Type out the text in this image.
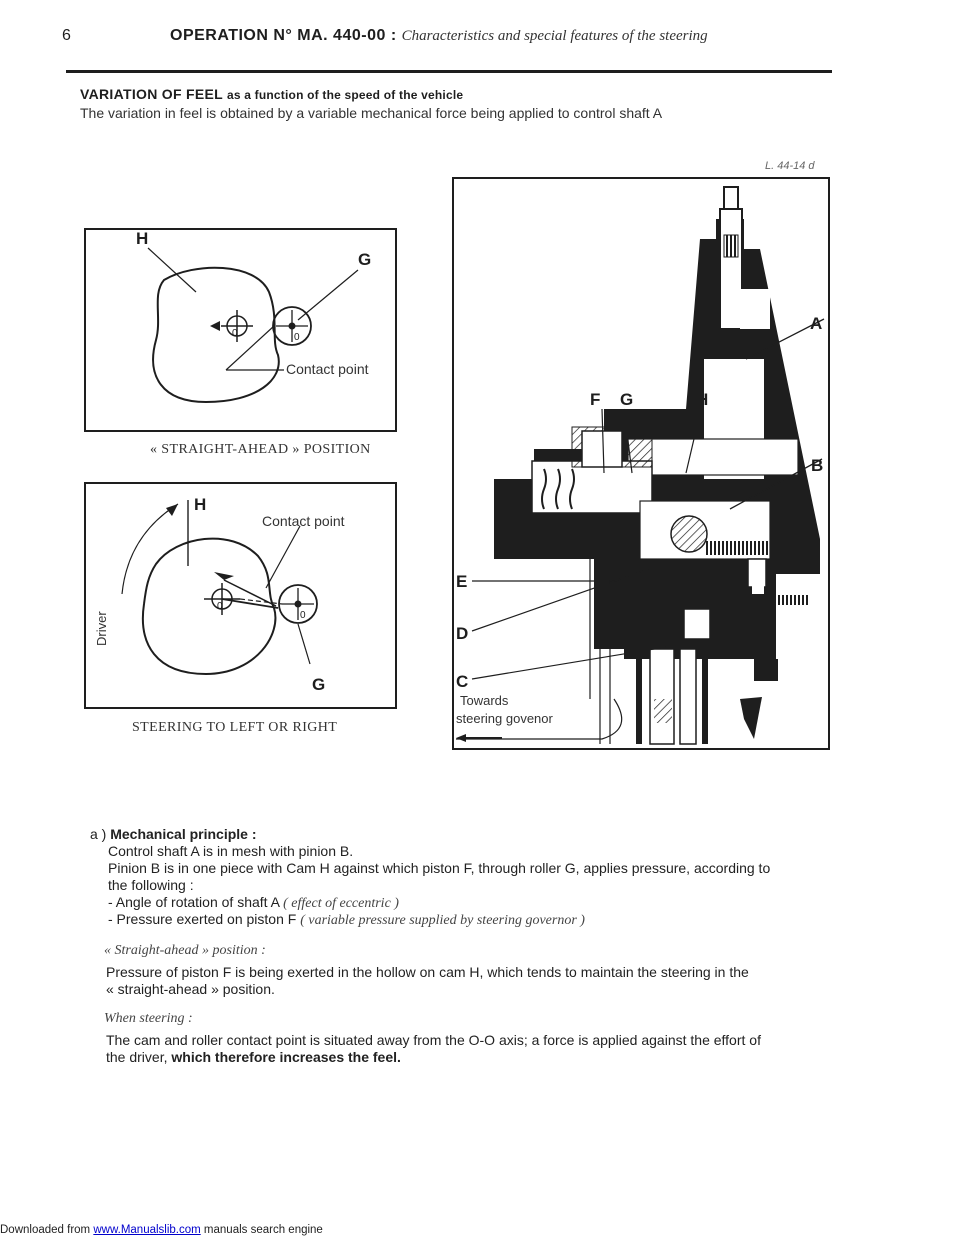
6	OPERATION N° MA. 440-00 : Characteristics and special features of the steering
VARIATION OF FEEL as a function of the speed of the vehicle
The variation in feel is obtained by a variable mechanical force being applied to control shaft A
L. 44-14 d
H
G
0	0
Contact point
« STRAIGHT-AHEAD » POSITION
H
G
0
0
Contact point
Driver
STEERING TO LEFT OR RIGHT
A
B
C
D
E
F G	H
Towards
steering govenor
a ) Mechanical principle :
Control shaft A is in mesh with pinion B.
Pinion B is in one piece with Cam H against which piston F, through roller G, applies pressure, according to
the following :
- Angle of rotation of shaft A ( effect of eccentric )
- Pressure exerted on piston F ( variable pressure supplied by steering governor )
« Straight-ahead » position :
Pressure of piston F is being exerted in the hollow on cam H, which tends to maintain the steering in the
« straight-ahead » position.
When steering :
The cam and roller contact point is situated away from the O-O axis; a force is applied against the effort of
the driver, which therefore increases the feel.
Downloaded from www.Manualslib.com manuals search engine
